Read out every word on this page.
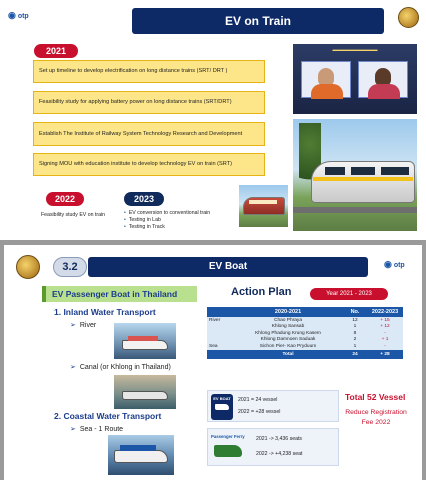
◉ otp	EV on Train
2021
Set up timeline to develop electrification on long distance trains (SRT/ DRT )
Feasibility study for applying battery power on long distance trains (SRT/DRT)
Establish The Institute of Railway System Technology Research and Development
Signing MOU with education institute to develop technology EV on train (SRT)
2022
Feasibility study EV on train
2023
• EV conversion to conventional train
• Testing in Lab
• Testing in Track
▬▬▬▬▬▬▬▬▬▬
3.2	EV Boat	◉ otp
EV Passenger Boat in Thailand
1. Inland Water Transport
➢ River
➢ Canal (or Khlong in Thailand)
2. Coastal Water Transport
➢ Sea - 1 Route
Action Plan	Year 2021 - 2023
	2020-2021	No.	2022-2023
River	Chao Phraya	12	+ 15
	Khlong Sansab	1	+ 12
	Khlong Phadung Krung Kasem	8	-
	Khlong Damnoen Saduak	2	+ 1
Sea	Sichon Pier- Kao Pryduum	1	-
	Total	24	+ 28
EV BOAT	2021 = 24 vessel
2022 = +28 vessel
Passenger Ferry 2021 -> 3,436 seats
2022 -> +4,238 seat
Total 52 Vessel
Reduce Registration Fee 2022
